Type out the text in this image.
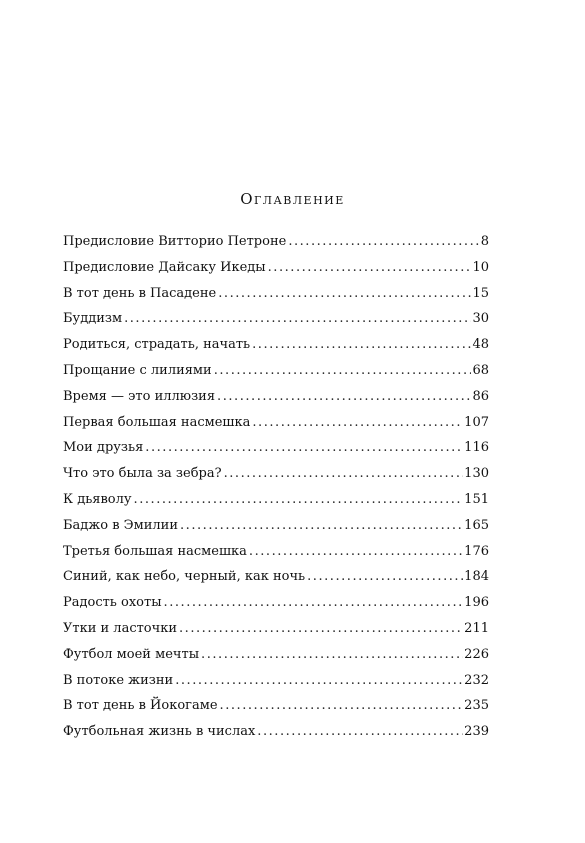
Оглавление
Предисловие Витторио Петроне . . .	8
Предисловие Дайсаку Икеды . . .	10
В тот день в Пасадене . . .	15
Буддизм . . .	30
Родиться, страдать, начать . . .	48
Прощание с лилиями . . .	68
Время — это иллюзия . . .	86
Первая большая насмешка . . .	107
Мои друзья . . .	116
Что это была за зебра? . . .	130
К дьяволу . . .	151
Баджо в Эмилии . . .	165
Третья большая насмешка . . .	176
Синий, как небо, черный, как ночь . . .	184
Радость охоты . . .	196
Утки и ласточки . . .	211
Футбол моей мечты . . .	226
В потоке жизни . . .	232
В тот день в Йокогаме . . .	235
Футбольная жизнь в числах . . .	239
